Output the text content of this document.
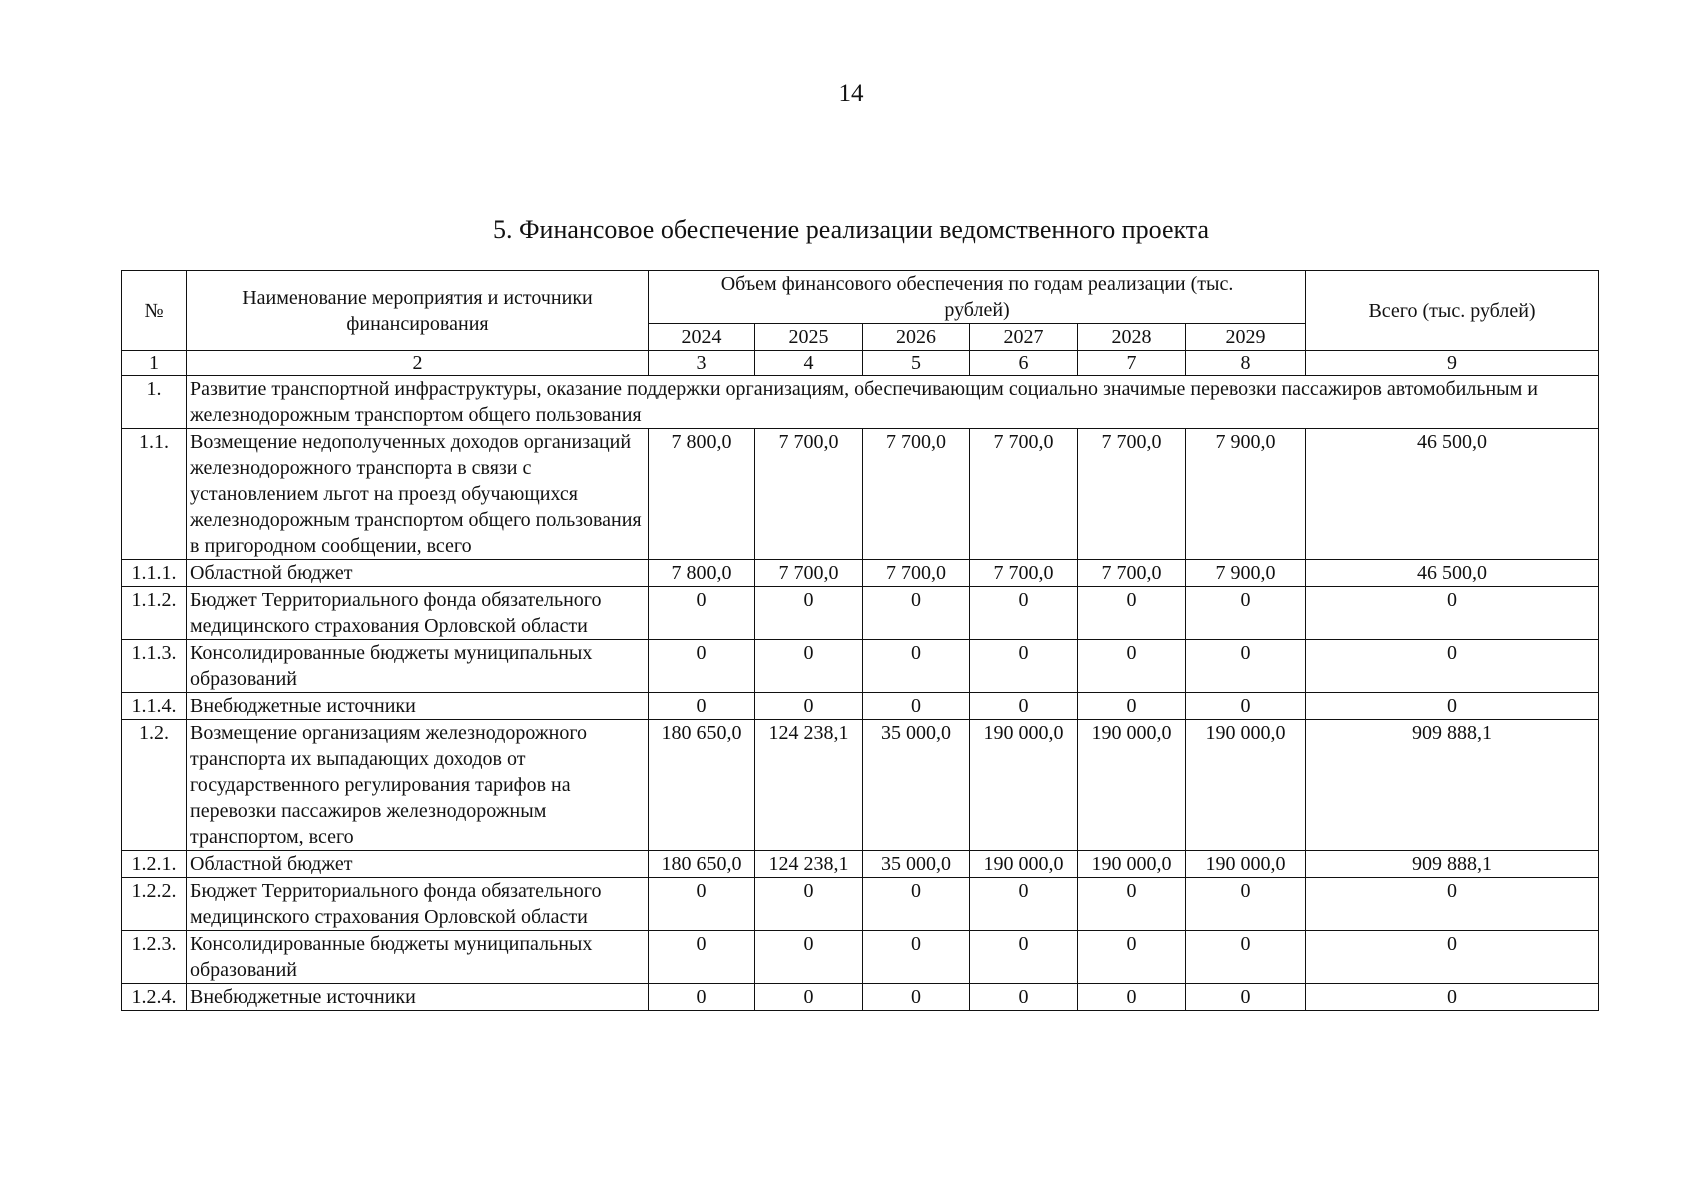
14
5. Финансовое обеспечение реализации ведомственного проекта
№	Наименование мероприятия и источники финансирования	Объем финансового обеспечения по годам реализации (тыс. рублей)						Всего (тыс. рублей)
		2024	2025	2026	2027	2028	2029	
1	2	3	4	5	6	7	8	9
1.	Развитие транспортной инфраструктуры, оказание поддержки организациям, обеспечивающим социально значимые перевозки пассажиров автомобильным и железнодорожным транспортом общего пользования							
1.1.	Возмещение недополученных доходов организаций железнодорожного транспорта в связи с установлением льгот на проезд обучающихся железнодорожным транспортом общего пользования в пригородном сообщении, всего	7 800,0	7 700,0	7 700,0	7 700,0	7 700,0	7 900,0	46 500,0
1.1.1.	Областной бюджет	7 800,0	7 700,0	7 700,0	7 700,0	7 700,0	7 900,0	46 500,0
1.1.2.	Бюджет Территориального фонда обязательного медицинского страхования Орловской области	0	0	0	0	0	0	0
1.1.3.	Консолидированные бюджеты муниципальных образований	0	0	0	0	0	0	0
1.1.4.	Внебюджетные источники	0	0	0	0	0	0	0
1.2.	Возмещение организациям железнодорожного транспорта их выпадающих доходов от государственного регулирования тарифов на перевозки пассажиров железнодорожным транспортом, всего	180 650,0	124 238,1	35 000,0	190 000,0	190 000,0	190 000,0	909 888,1
1.2.1.	Областной бюджет	180 650,0	124 238,1	35 000,0	190 000,0	190 000,0	190 000,0	909 888,1
1.2.2.	Бюджет Территориального фонда обязательного медицинского страхования Орловской области	0	0	0	0	0	0	0
1.2.3.	Консолидированные бюджеты муниципальных образований	0	0	0	0	0	0	0
1.2.4.	Внебюджетные источники	0	0	0	0	0	0	0
